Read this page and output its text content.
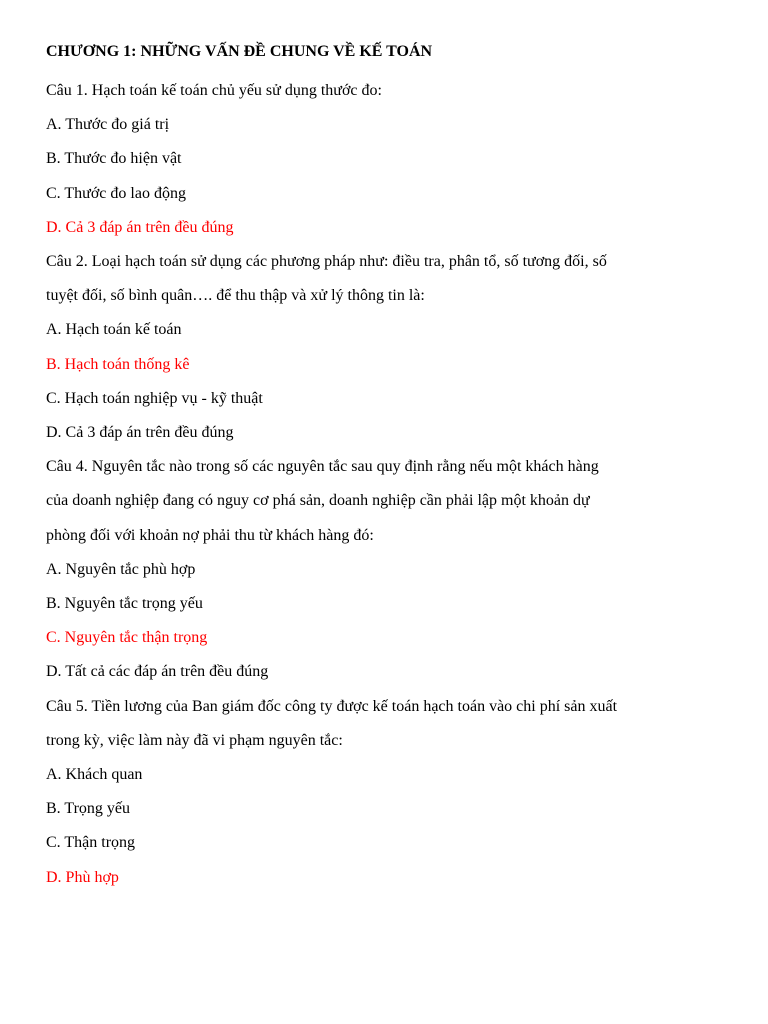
CHƯƠNG 1: NHỮNG VẤN ĐỀ CHUNG VỀ KẾ TOÁN
Câu 1. Hạch toán kế toán chủ yếu sử dụng thước đo:
A. Thước đo giá trị
B. Thước đo hiện vật
C. Thước đo lao động
D. Cả 3 đáp án trên đều đúng
Câu 2. Loại hạch toán sử dụng các phương pháp như: điều tra, phân tổ, số tương đối, số
tuyệt đối, số bình quân…. để thu thập và xử lý thông tin là:
A. Hạch toán kế toán
B. Hạch toán thống kê
C. Hạch toán nghiệp vụ - kỹ thuật
D. Cả 3 đáp án trên đều đúng
Câu 4. Nguyên tắc nào trong số các nguyên tắc sau quy định rằng nếu một khách hàng
của doanh nghiệp đang có nguy cơ phá sản, doanh nghiệp cần phải lập một khoản dự
phòng đối với khoản nợ phải thu từ khách hàng đó:
A. Nguyên tắc phù hợp
B. Nguyên tắc trọng yếu
C. Nguyên tắc thận trọng
D. Tất cả các đáp án trên đều đúng
Câu 5. Tiền lương của Ban giám đốc công ty được kế toán hạch toán vào chi phí sản xuất
trong kỳ, việc làm này đã vi phạm nguyên tắc:
A. Khách quan
B. Trọng yếu
C. Thận trọng
D. Phù hợp
